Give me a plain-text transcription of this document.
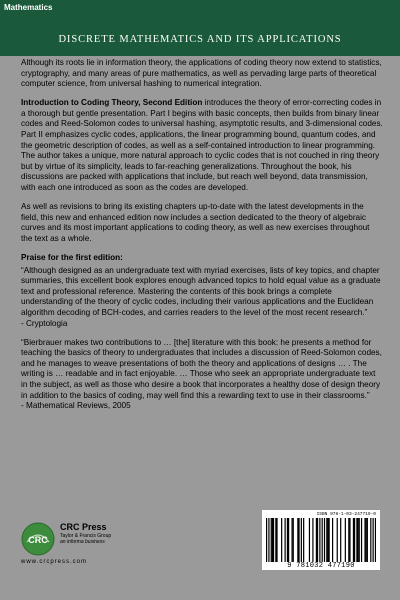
Mathematics
DISCRETE MATHEMATICS AND ITS APPLICATIONS

Although its roots lie in information theory, the applications of coding theory now extend to statistics, cryptography, and many areas of pure mathematics, as well as pervading large parts of theoretical computer science, from universal hashing to numerical integration.

Introduction to Coding Theory, Second Edition introduces the theory of error-correcting codes in a thorough but gentle presentation. Part I begins with basic concepts, then builds from binary linear codes and Reed-Solomon codes to universal hashing, asymptotic results, and 3-dimensional codes. Part II emphasizes cyclic codes, applications, the linear programming bound, quantum codes, and the geometric description of codes, as well as a self-contained introduction to linear programming. The author takes a unique, more natural approach to cyclic codes that is not couched in ring theory but by virtue of its simplicity, leads to far-reaching generalizations. Throughout the book, his discussions are packed with applications that include, but reach well beyond, data transmission, with each one introduced as soon as the codes are developed.

As well as revisions to bring its existing chapters up-to-date with the latest developments in the field, this new and enhanced edition now includes a section dedicated to the theory of algebraic curves and its most important applications to coding theory, as well as new exercises throughout the text as a whole.

Praise for the first edition:
“Although designed as an undergraduate text with myriad exercises, lists of key topics, and chapter summaries, this excellent book explores enough advanced topics to hold equal value as a graduate text and professional reference. Mastering the contents of this book brings a complete understanding of the theory of cyclic codes, including their various applications and the Euclidean algorithm decoding of BCH-codes, and carries readers to the level of the most recent research.”
- Cryptologia
“Bierbrauer makes two contributions to … [the] literature with this book: he presents a method for teaching the basics of theory to undergraduates that includes a discussion of Reed-Solomon codes, and he manages to weave presentations of both the theory and applications of designs … . The writing is … readable and in fact enjoyable. … Those who seek an appropriate undergraduate text in the subject, as well as those who desire a book that incorporates a healthy dose of design theory in addition to the basics of coding, may well find this a rewarding text to use in their classrooms.”
- Mathematical Reviews, 2005
CRC
CRC Press
Taylor & Francis Group
an informa business
www.crcpress.com
ISBN 978-1-03-247719-0
9 781032 477190
